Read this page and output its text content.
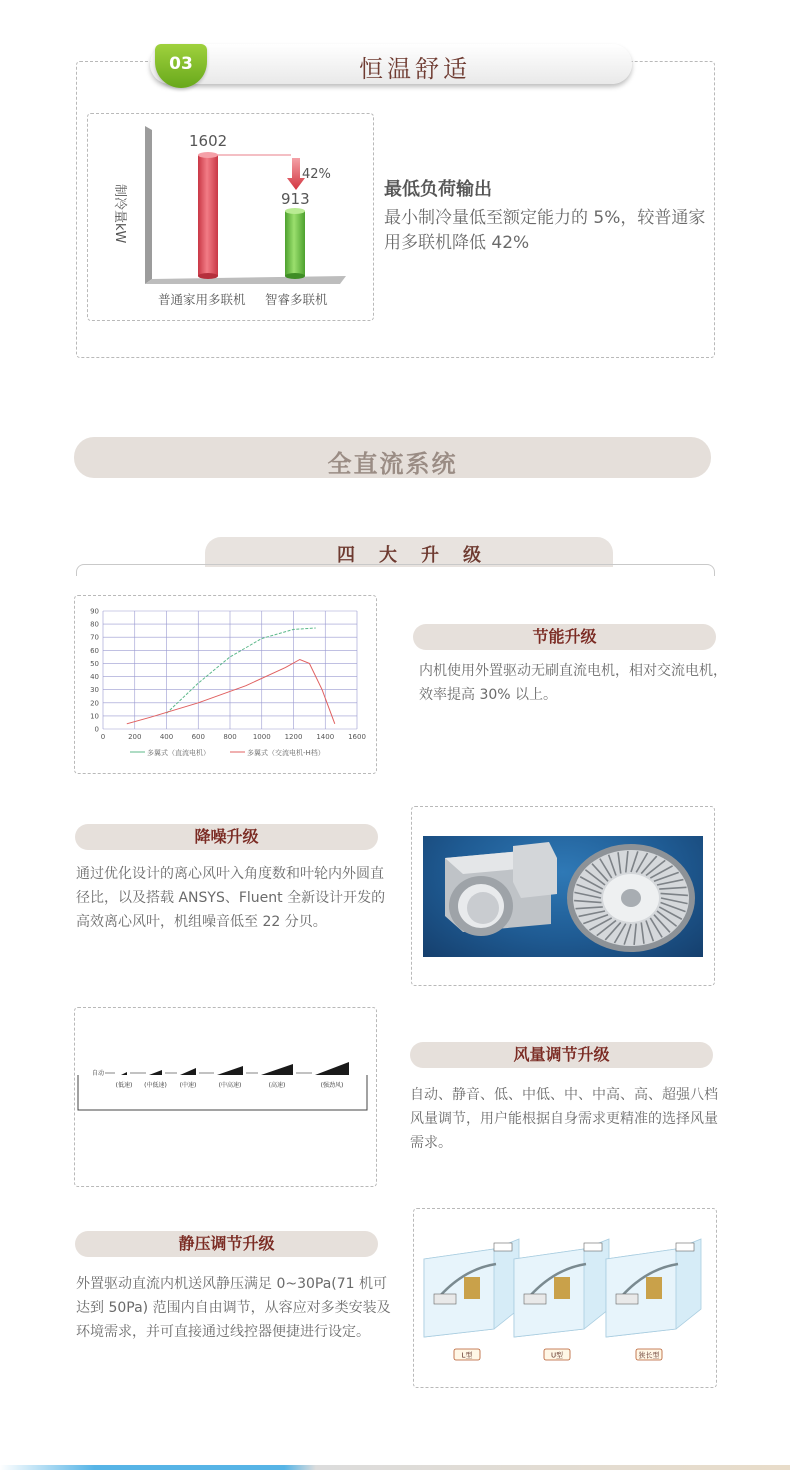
03	恒温舒适
制冷量kW
1602
42%
913
普通家用多联机 智睿多联机
最低负荷输出
最小制冷量低至额定能力的 5%，较普通家用多联机降低 42%
全直流系统
四大升级
0
10
20
30
40
50
60
70
80
90
0	200	400	600	800 1000 1200 1400 1600
多翼式（直流电机）	多翼式（交流电机-H档）
节能升级
内机使用外置驱动无刷直流电机，相对交流电机，效率提高 30% 以上。
降噪升级
通过优化设计的离心风叶入角度数和叶轮内外圆直径比，以及搭载 ANSYS、Fluent 全新设计开发的高效离心风叶，机组噪音低至 22 分贝。
自动
(低速) (中低速) (中速)	(中高速)	(高速)	(强劲风)
风量调节升级
自动、静音、低、中低、中、中高、高、超强八档风量调节，用户能根据自身需求更精准的选择风量需求。
静压调节升级
外置驱动直流内机送风静压满足 0~30Pa(71 机可达到 50Pa) 范围内自由调节，从容应对多类安装及环境需求，并可直接通过线控器便捷进行设定。
L型	U型	狭长型
